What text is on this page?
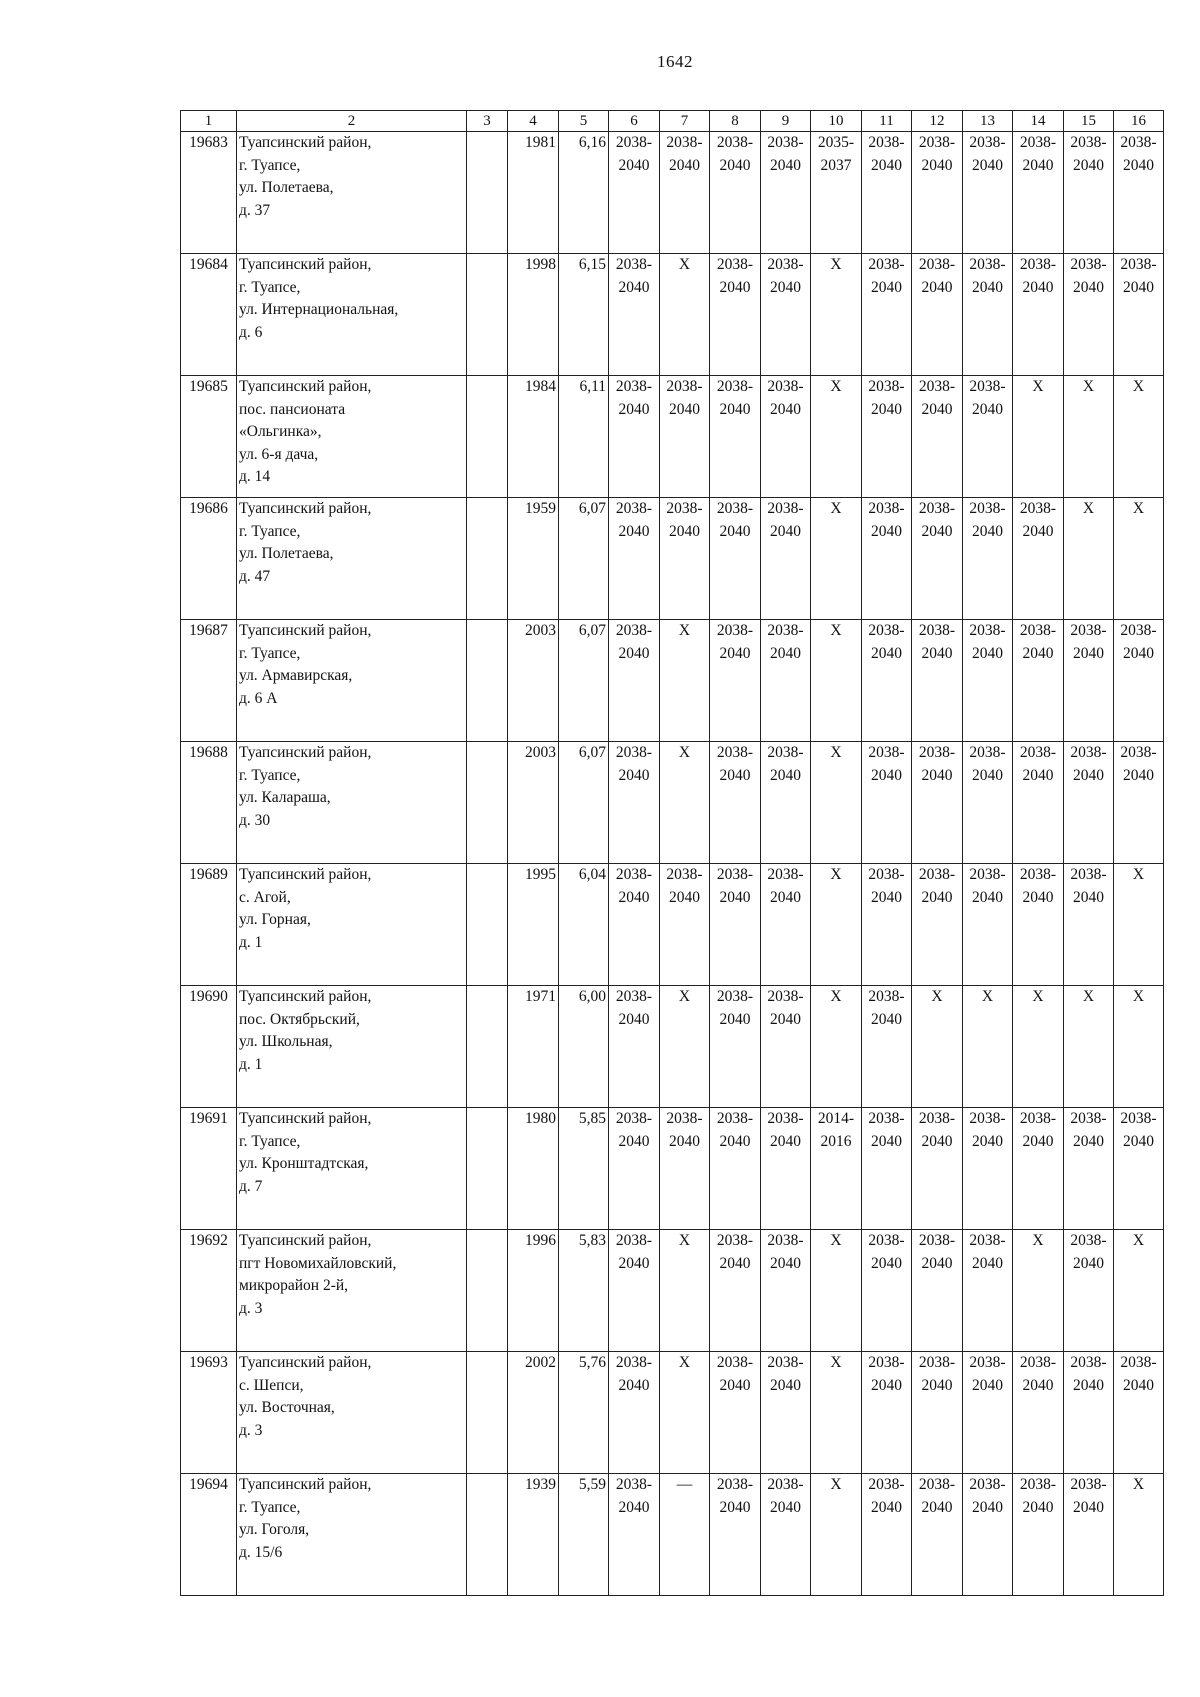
1642
1	2	3	4	5	6	7	8	9	10	11	12	13	14	15	16
19683	Туапсинский район,
г. Туапсе,
ул. Полетаева,
д. 37		1981	6,16	2038-
2040	2038-
2040	2038-
2040	2038-
2040	2035-
2037	2038-
2040	2038-
2040	2038-
2040	2038-
2040	2038-
2040	2038-
2040

19684	Туапсинский район,
г. Туапсе,
ул. Интернациональная,
д. 6		1998	6,15	2038-
2040	X	2038-
2040	2038-
2040	X	2038-
2040	2038-
2040	2038-
2040	2038-
2040	2038-
2040	2038-
2040

19685	Туапсинский район,
пос. пансионата
«Ольгинка»,
ул. 6-я дача,
д. 14		1984	6,11	2038-
2040	2038-
2040	2038-
2040	2038-
2040	X	2038-
2040	2038-
2040	2038-
2040	X	X	X

19686	Туапсинский район,
г. Туапсе,
ул. Полетаева,
д. 47		1959	6,07	2038-
2040	2038-
2040	2038-
2040	2038-
2040	X	2038-
2040	2038-
2040	2038-
2040	2038-
2040	X	X

19687	Туапсинский район,
г. Туапсе,
ул. Армавирская,
д. 6 А		2003	6,07	2038-
2040	X	2038-
2040	2038-
2040	X	2038-
2040	2038-
2040	2038-
2040	2038-
2040	2038-
2040	2038-
2040

19688	Туапсинский район,
г. Туапсе,
ул. Калараша,
д. 30		2003	6,07	2038-
2040	X	2038-
2040	2038-
2040	X	2038-
2040	2038-
2040	2038-
2040	2038-
2040	2038-
2040	2038-
2040

19689	Туапсинский район,
с. Агой,
ул. Горная,
д. 1		1995	6,04	2038-
2040	2038-
2040	2038-
2040	2038-
2040	X	2038-
2040	2038-
2040	2038-
2040	2038-
2040	2038-
2040	X

19690	Туапсинский район,
пос. Октябрьский,
ул. Школьная,
д. 1		1971	6,00	2038-
2040	X	2038-
2040	2038-
2040	X	2038-
2040	X	X	X	X	X

19691	Туапсинский район,
г. Туапсе,
ул. Кронштадтская,
д. 7		1980	5,85	2038-
2040	2038-
2040	2038-
2040	2038-
2040	2014-
2016	2038-
2040	2038-
2040	2038-
2040	2038-
2040	2038-
2040	2038-
2040

19692	Туапсинский район,
пгт Новомихайловский,
микрорайон 2-й,
д. 3		1996	5,83	2038-
2040	X	2038-
2040	2038-
2040	X	2038-
2040	2038-
2040	2038-
2040	X	2038-
2040	X

19693	Туапсинский район,
с. Шепси,
ул. Восточная,
д. 3		2002	5,76	2038-
2040	X	2038-
2040	2038-
2040	X	2038-
2040	2038-
2040	2038-
2040	2038-
2040	2038-
2040	2038-
2040

19694	Туапсинский район,
г. Туапсе,
ул. Гоголя,
д. 15/6		1939	5,59	2038-
2040	—	2038-
2040	2038-
2040	X	2038-
2040	2038-
2040	2038-
2040	2038-
2040	2038-
2040	X
